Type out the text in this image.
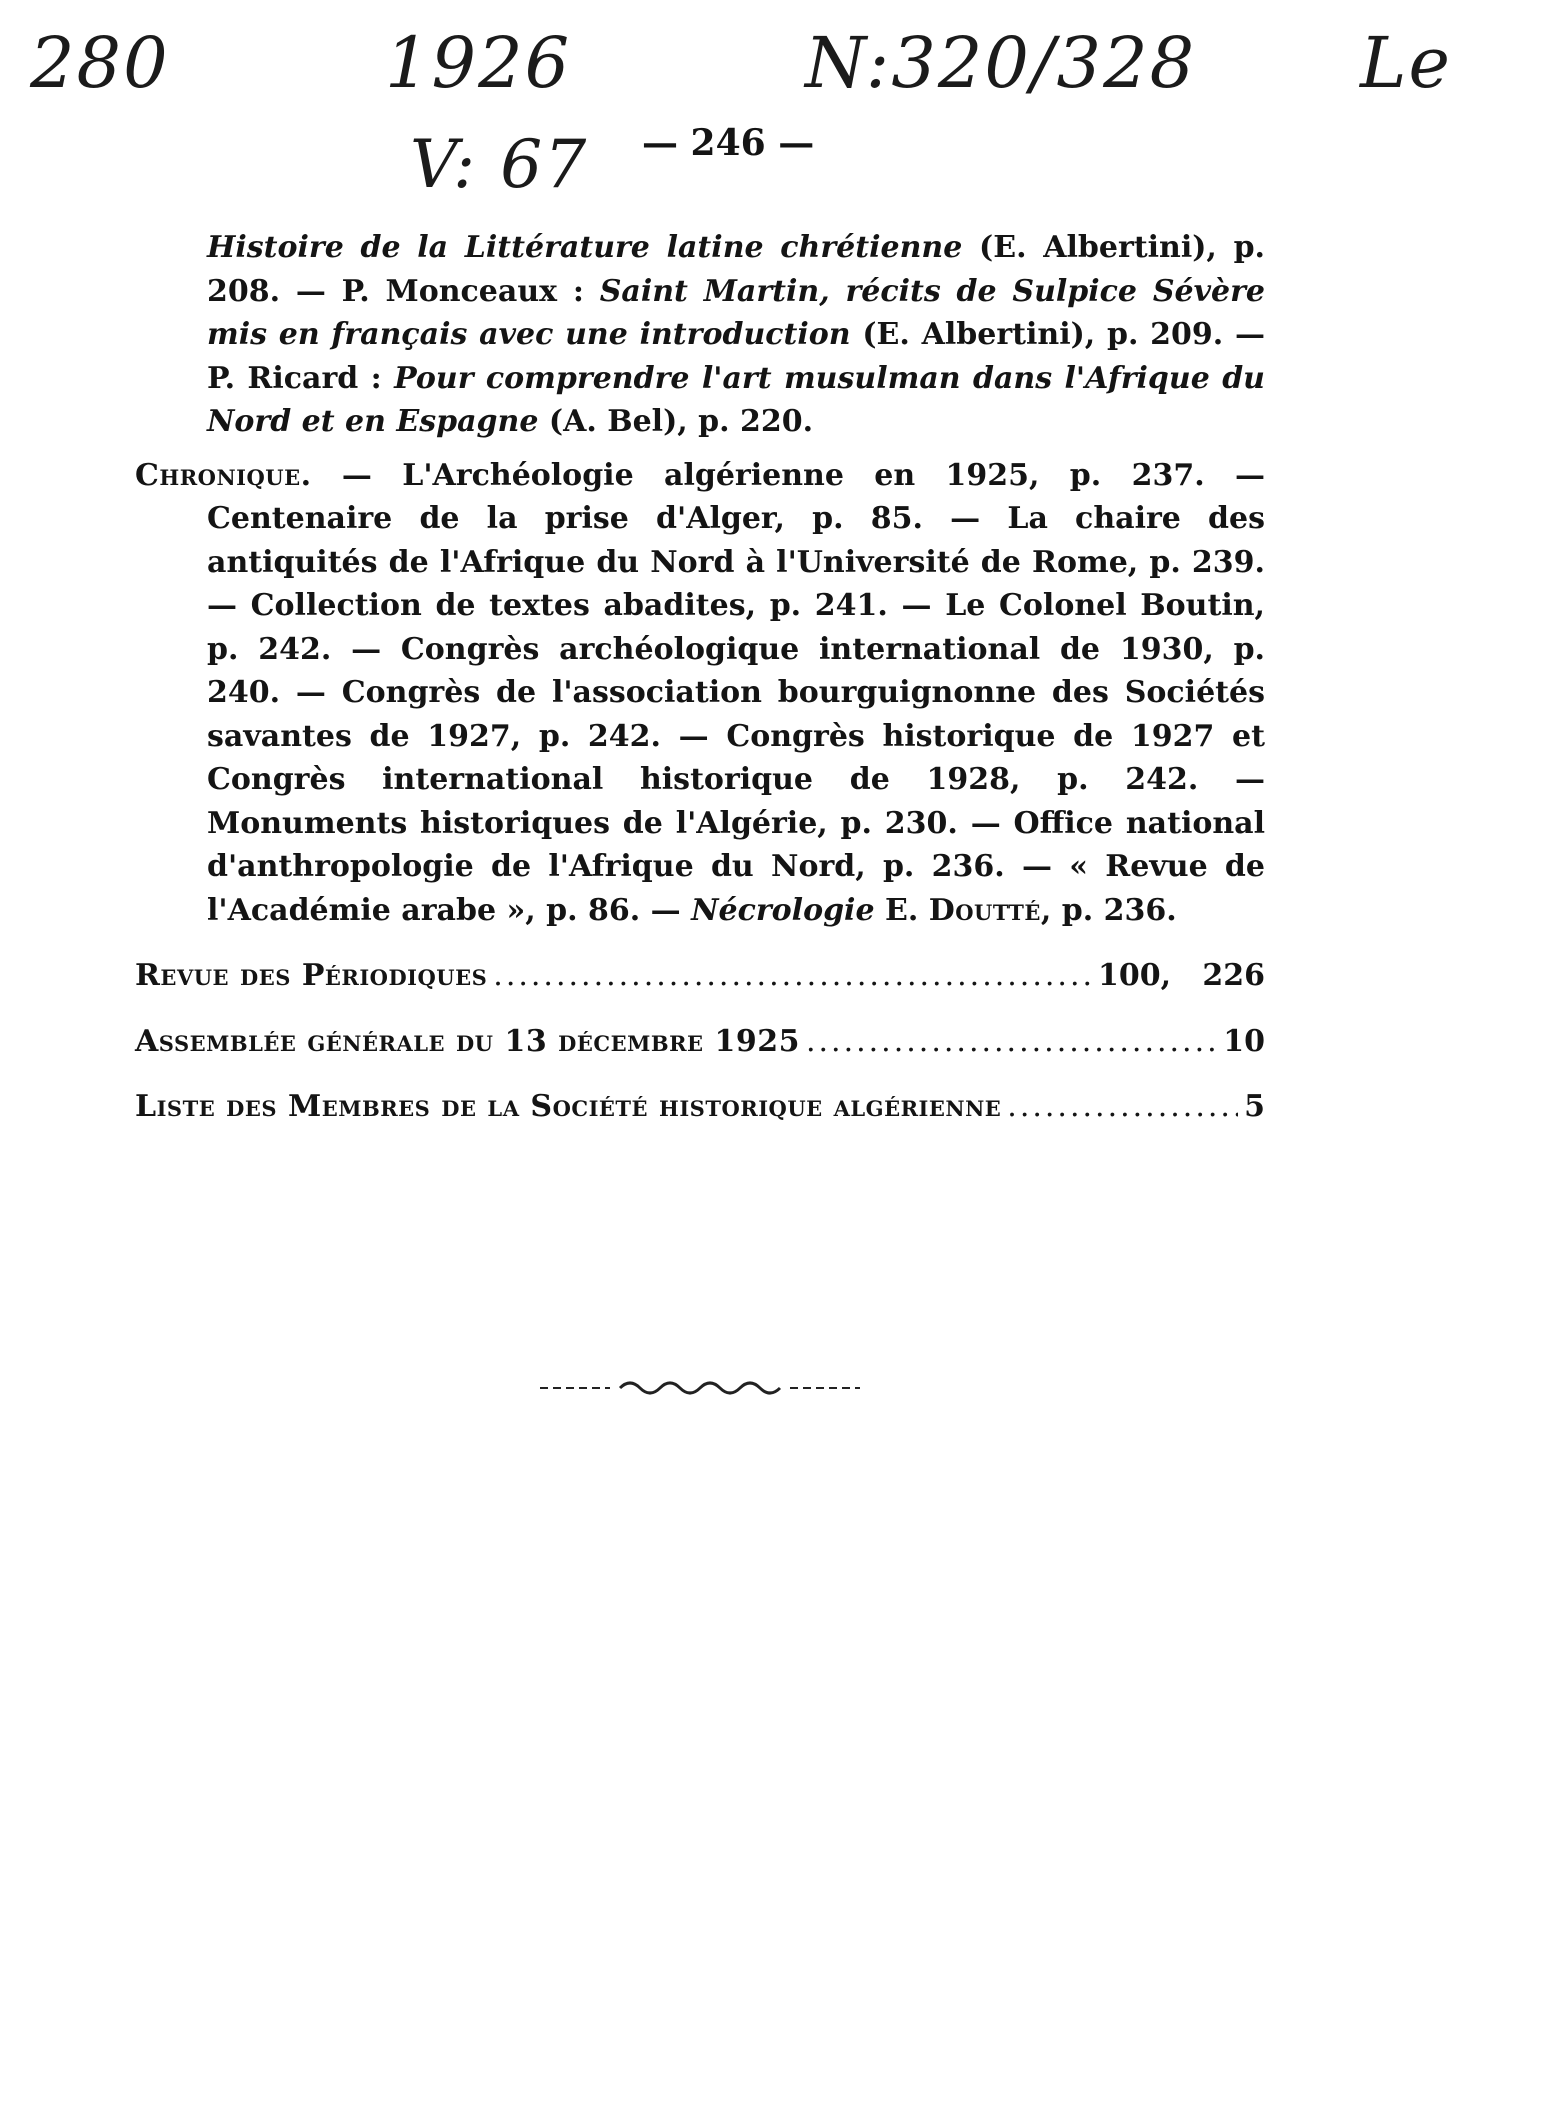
280	1926	N:320/328 Le
V: 67 — 246 —

Histoire de la Littérature latine chrétienne (E. Albertini), p. 208. — P. Monceaux : Saint Martin, récits de Sulpice Sévère mis en français avec une introduction (E. Albertini), p. 209. — P. Ricard : Pour comprendre l'art musulman dans l'Afrique du Nord et en Espagne (A. Bel), p. 220.

Chronique. — L'Archéologie algérienne en 1925, p. 237. — Centenaire de la prise d'Alger, p. 85. — La chaire des antiquités de l'Afrique du Nord à l'Université de Rome, p. 239. — Collection de textes abadites, p. 241. — Le Colonel Boutin, p. 242. — Congrès archéologique international de 1930, p. 240. — Congrès de l'association bourguignonne des Sociétés savantes de 1927, p. 242. — Congrès historique de 1927 et Congrès international historique de 1928, p. 242. — Monuments historiques de l'Algérie, p. 230. — Office national d'anthropologie de l'Afrique du Nord, p. 236. — « Revue de l'Académie arabe », p. 86. — Nécrologie E. Doutté, p. 236.

Revue des Périodiques .....	100,   226
Assemblée générale du 13 décembre 1925 .....	10
Liste des Membres de la Société historique algérienne .....	5
